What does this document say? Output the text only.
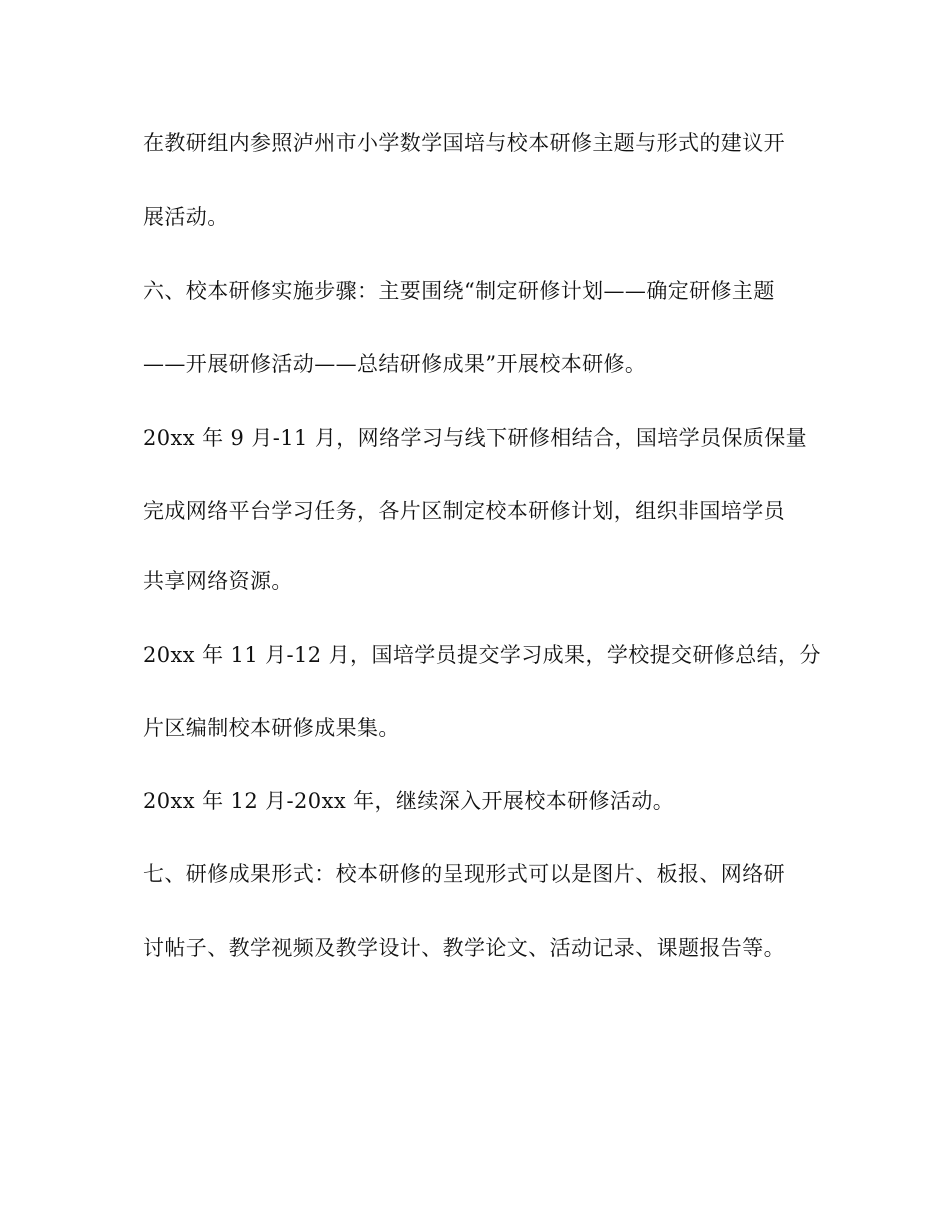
在教研组内参照泸州市小学数学国培与校本研修主题与形式的建议开
展活动。
六、校本研修实施步骤：主要围绕“制定研修计划——确定研修主题
——开展研修活动——总结研修成果”开展校本研修。
20xx 年 9 月-11 月，网络学习与线下研修相结合，国培学员保质保量
完成网络平台学习任务，各片区制定校本研修计划，组织非国培学员
共享网络资源。
20xx 年 11 月-12 月，国培学员提交学习成果，学校提交研修总结，分
片区编制校本研修成果集。
20xx 年 12 月-20xx 年，继续深入开展校本研修活动。
七、研修成果形式：校本研修的呈现形式可以是图片、板报、网络研
讨帖子、教学视频及教学设计、教学论文、活动记录、课题报告等。
